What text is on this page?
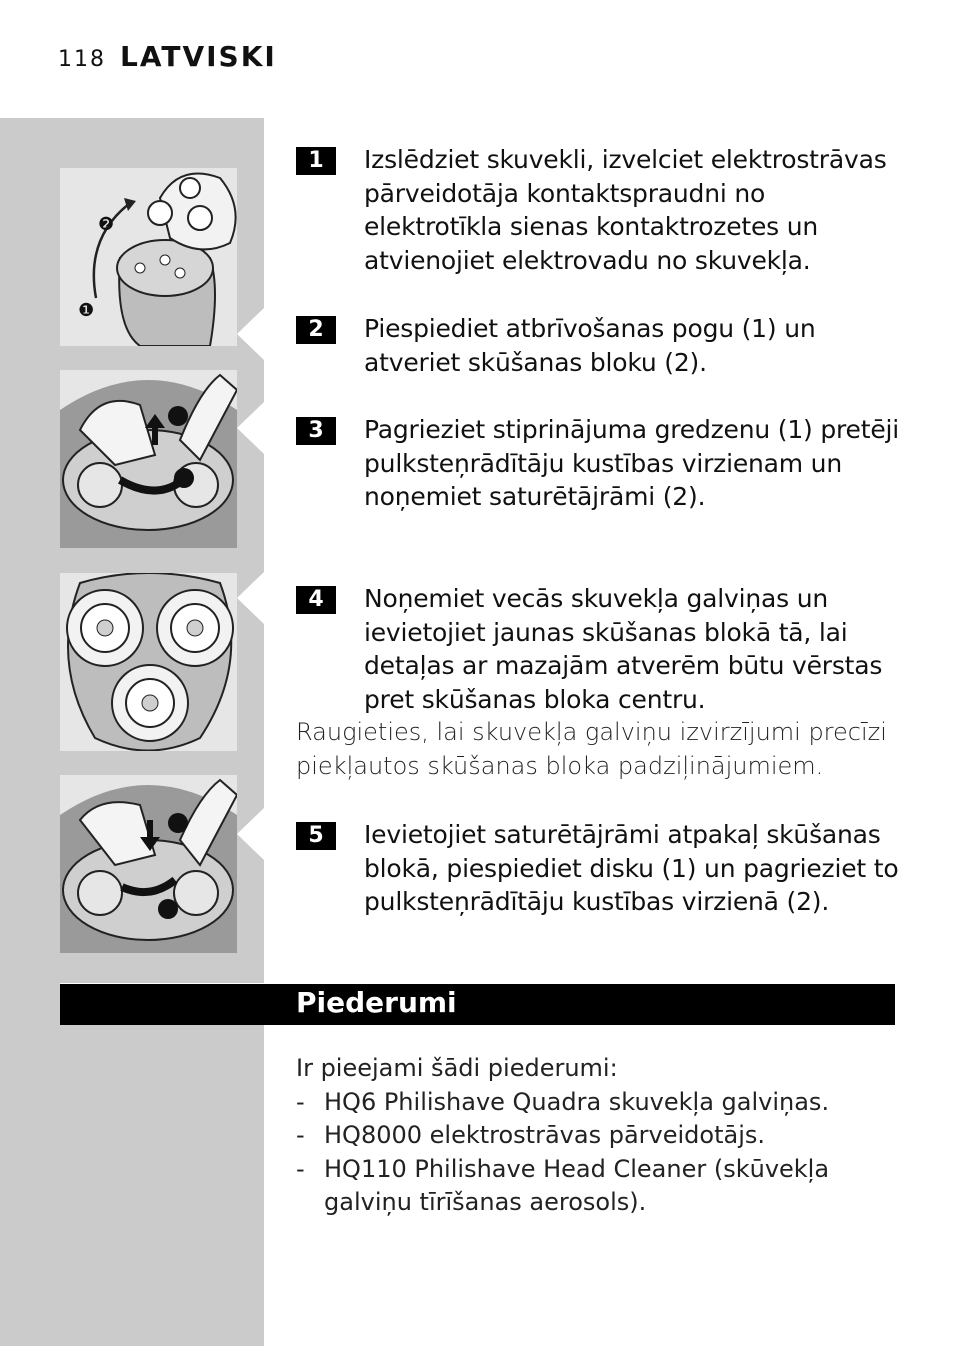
118 LATVISKI
❷
❶
1	Izslēdziet skuvekli, izvelciet elektrostrāvas pārveidotāja kontaktspraudni no elektrotīkla sienas kontaktrozetes un atvienojiet elektrovadu no skuvekļa.
2	Piespiediet atbrīvošanas pogu (1) un atveriet skūšanas bloku (2).
3	Pagrieziet stiprinājuma gredzenu (1) pretēji pulksteņrādītāju kustības virzienam un noņemiet saturētājrāmi (2).
4	Noņemiet vecās skuvekļa galviņas un ievietojiet jaunas skūšanas blokā tā, lai detaļas ar mazajām atverēm būtu vērstas pret skūšanas bloka centru.
Raugieties, lai skuvekļa galviņu izvirzījumi precīzi piekļautos skūšanas bloka padziļinājumiem.
5	Ievietojiet saturētājrāmi atpakaļ skūšanas blokā, piespiediet disku (1) un pagrieziet to pulksteņrādītāju kustības virzienā (2).
Piederumi

Ir pieejami šādi piederumi:

- HQ6 Philishave Quadra skuvekļa galviņas.
- HQ8000 elektrostrāvas pārveidotājs.
- HQ110 Philishave Head Cleaner (skūvekļa galviņu tīrīšanas aerosols).
